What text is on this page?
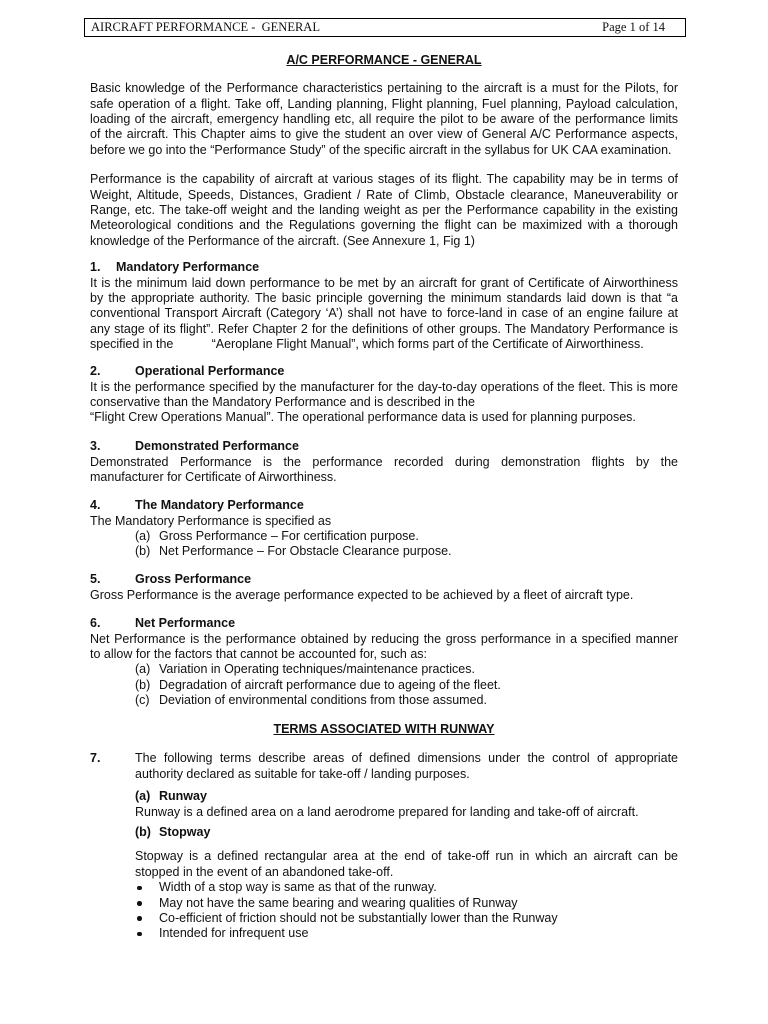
AIRCRAFT PERFORMANCE -  GENERAL	Page 1 of 14
A/C PERFORMANCE - GENERAL
Basic knowledge of the Performance characteristics pertaining to the aircraft is a must for the Pilots, for
safe operation of a flight. Take off, Landing planning, Flight planning, Fuel planning, Payload calculation,
loading of the aircraft, emergency handling etc, all require the pilot to be aware of the performance limits
of the aircraft. This Chapter aims to give the student an over view of General A/C Performance aspects,
before we go into the “Performance Study” of the specific aircraft in the syllabus for UK CAA examination.
Performance is the capability of aircraft at various stages of its flight. The capability may be in terms of
Weight, Altitude, Speeds, Distances, Gradient / Rate of Climb, Obstacle clearance, Maneuverability or
Range, etc. The take-off weight and the landing weight as per the Performance capability in the existing
Meteorological conditions and the Regulations governing the flight can be maximized with a thorough
knowledge of the Performance of the aircraft. (See Annexure 1, Fig 1)
1. Mandatory Performance
It is the minimum laid down performance to be met by an aircraft for grant of Certificate of Airworthiness
by the appropriate authority. The basic principle governing the minimum standards laid down is that “a
conventional Transport Aircraft (Category ‘A’) shall not have to force-land in case of an engine failure at
any stage of its flight”. Refer Chapter 2 for the definitions of other groups. The Mandatory Performance is
specified in the           “Aeroplane Flight Manual”, which forms part of the Certificate of Airworthiness.
2.	Operational Performance
It is the performance specified by the manufacturer for the day-to-day operations of the fleet. This is more
conservative than the Mandatory Performance and is described in the
“Flight Crew Operations Manual”. The operational performance data is used for planning purposes.
3.	Demonstrated Performance
Demonstrated Performance is the performance recorded during demonstration flights by the
manufacturer for Certificate of Airworthiness.
4.	The Mandatory Performance
The Mandatory Performance is specified as
(a) Gross Performance – For certification purpose.
(b) Net Performance – For Obstacle Clearance purpose.
5.	Gross Performance
Gross Performance is the average performance expected to be achieved by a fleet of aircraft type.
6.	Net Performance
Net Performance is the performance obtained by reducing the gross performance in a specified manner
to allow for the factors that cannot be accounted for, such as:
(a) Variation in Operating techniques/maintenance practices.
(b) Degradation of aircraft performance due to ageing of the fleet.
(c) Deviation of environmental conditions from those assumed.
TERMS ASSOCIATED WITH RUNWAY
7.	The following terms describe areas of defined dimensions under the control of appropriate
authority declared as suitable for take-off / landing purposes.
(a) Runway
Runway is a defined area on a land aerodrome prepared for landing and take-off of aircraft.
(b) Stopway
Stopway is a defined rectangular area at the end of take-off run in which an aircraft can be
stopped in the event of an abandoned take-off.
Width of a stop way is same as that of the runway.
May not have the same bearing and wearing qualities of Runway
Co-efficient of friction should not be substantially lower than the Runway
Intended for infrequent use
